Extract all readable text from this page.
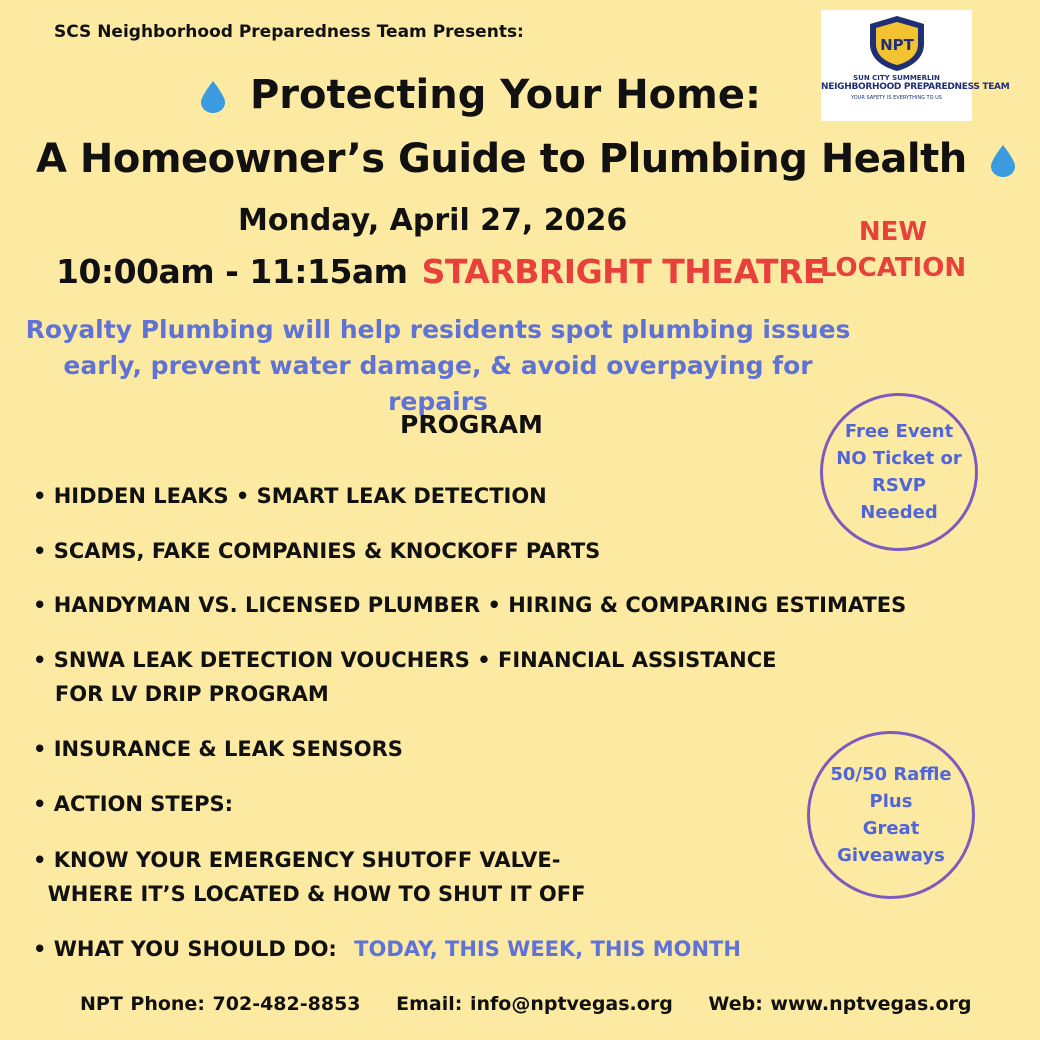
SCS Neighborhood Preparedness Team Presents:
NPT
SUN CITY SUMMERLIN
NEIGHBORHOOD PREPAREDNESS TEAM
YOUR SAFETY IS EVERYTHING TO US
Protecting Your Home:
A Homeowner’s Guide to Plumbing Health
Monday, April 27, 2026
10:00am - 11:15am STARBRIGHT THEATRE
NEW
LOCATION
Royalty Plumbing will help residents spot plumbing issues
early, prevent water damage, & avoid overpaying for repairs
PROGRAM
• HIDDEN LEAKS • SMART LEAK DETECTION
• SCAMS, FAKE COMPANIES & KNOCKOFF PARTS
• HANDYMAN VS. LICENSED PLUMBER • HIRING & COMPARING ESTIMATES
• SNWA LEAK DETECTION VOUCHERS • FINANCIAL ASSISTANCE
FOR LV DRIP PROGRAM
• INSURANCE & LEAK SENSORS
• ACTION STEPS:
• KNOW YOUR EMERGENCY SHUTOFF VALVE-
WHERE IT’S LOCATED & HOW TO SHUT IT OFF
• WHAT YOU SHOULD DO: TODAY, THIS WEEK, THIS MONTH
Free Event
NO Ticket or
RSVP
Needed
50/50 Raffle
Plus
Great
Giveaways
NPT Phone: 702-482-8853 Email: info@nptvegas.org Web: www.nptvegas.org
